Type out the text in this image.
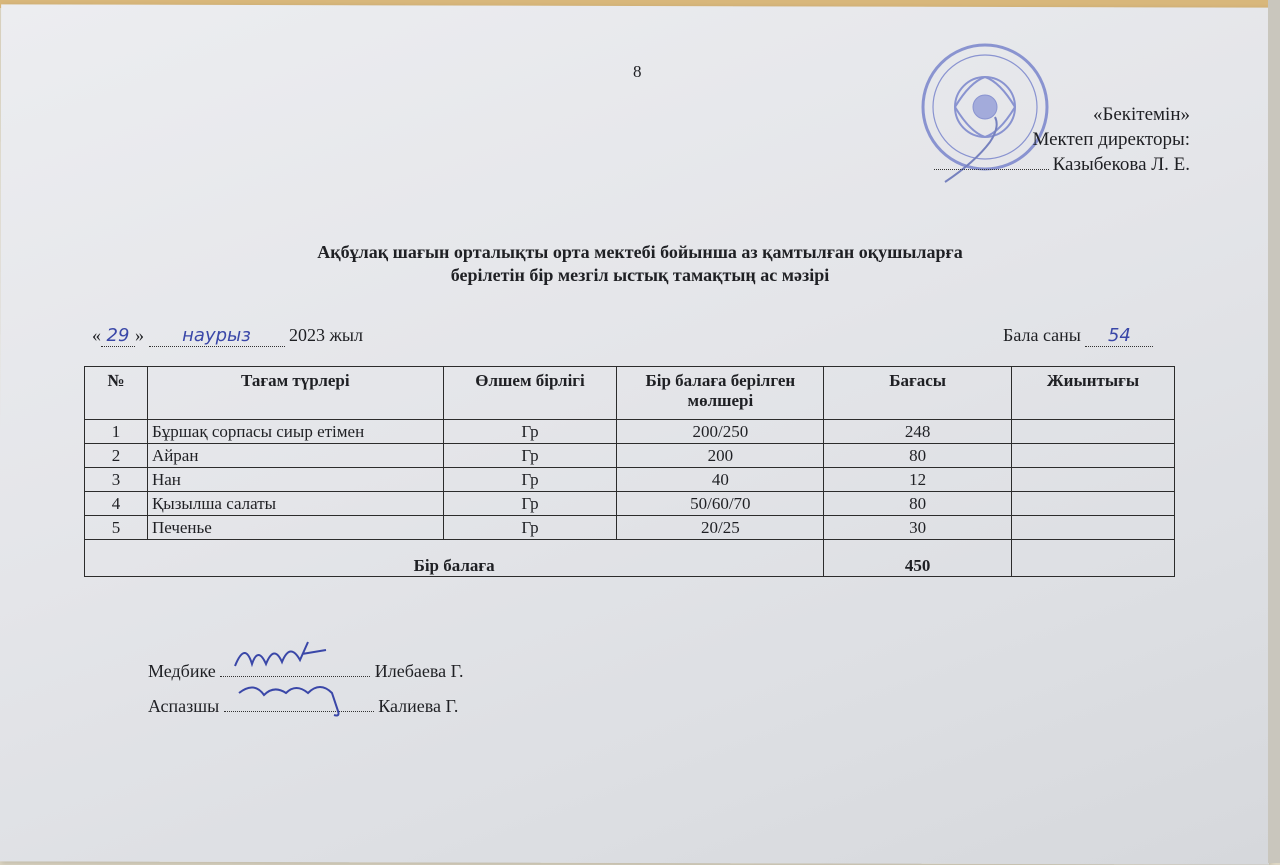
8
«Бекітемін»
Мектеп директоры:
Казыбекова Л. Е.
Ақбұлақ шағын орталықты орта мектебі бойынша аз қамтылған оқушыларға
берілетін бір мезгіл ыстық тамақтың ас мәзірі
« 29 » наурыз 2023 жыл	Бала саны 54
№	Тағам түрлері	Өлшем бірлігі	Бір балаға берілген мөлшері	Бағасы	Жиынтығы
1	Бұршақ сорпасы сиыр етімен	Гр	200/250	248	
2	Айран	Гр	200	80	
3	Нан	Гр	40	12	
4	Қызылша салаты	Гр	50/60/70	80	
5	Печенье	Гр	20/25	30	
Бір балаға				450	
Медбике	Илебаева Г.
Аспазшы	Калиева Г.
